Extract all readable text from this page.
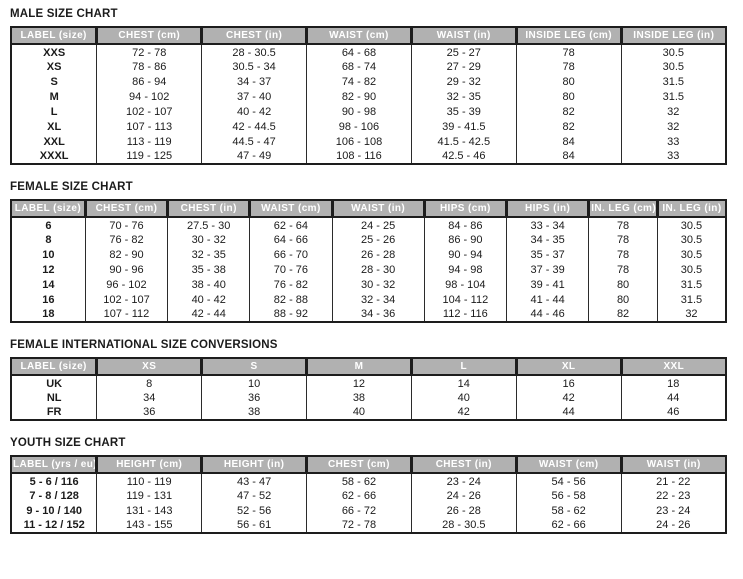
MALE SIZE CHART
LABEL (size)	CHEST (cm)	CHEST (in)	WAIST (cm)	WAIST (in)	INSIDE LEG (cm)	INSIDE LEG (in)
XXS	72 - 78	28 - 30.5	64 - 68	25 - 27	78	30.5
XS	78 - 86	30.5 - 34	68 - 74	27 - 29	78	30.5
S	86 - 94	34 - 37	74 - 82	29 - 32	80	31.5
M	94 - 102	37 - 40	82 - 90	32 - 35	80	31.5
L	102 - 107	40 - 42	90 - 98	35 - 39	82	32
XL	107 - 113	42 - 44.5	98 - 106	39 - 41.5	82	32
XXL	113 - 119	44.5 - 47	106 - 108	41.5 - 42.5	84	33
XXXL	119 - 125	47 - 49	108 - 116	42.5 - 46	84	33
FEMALE SIZE CHART
LABEL (size)	CHEST (cm)	CHEST (in)	WAIST (cm)	WAIST (in)	HIPS (cm)	HIPS (in)	IN. LEG (cm)	IN. LEG (in)
6	70 - 76	27.5 - 30	62 - 64	24 - 25	84 - 86	33 - 34	78	30.5
8	76 - 82	30 - 32	64 - 66	25 - 26	86 - 90	34 - 35	78	30.5
10	82 - 90	32 - 35	66 - 70	26 - 28	90 - 94	35 - 37	78	30.5
12	90 - 96	35 - 38	70 - 76	28 - 30	94 - 98	37 - 39	78	30.5
14	96 - 102	38 - 40	76 - 82	30 - 32	98 - 104	39 - 41	80	31.5
16	102 - 107	40 - 42	82 - 88	32 - 34	104 - 112	41 - 44	80	31.5
18	107 - 112	42 - 44	88 - 92	34 - 36	112 - 116	44 - 46	82	32
FEMALE INTERNATIONAL SIZE CONVERSIONS
LABEL (size)	XS	S	M	L	XL	XXL
UK	8	10	12	14	16	18
NL	34	36	38	40	42	44
FR	36	38	40	42	44	46
YOUTH SIZE CHART
LABEL (yrs / eu)	HEIGHT (cm)	HEIGHT (in)	CHEST (cm)	CHEST (in)	WAIST (cm)	WAIST (in)
5 - 6 / 116	110 - 119	43 - 47	58 - 62	23 - 24	54 - 56	21 - 22
7 - 8 / 128	119 - 131	47 - 52	62 - 66	24 - 26	56 - 58	22 - 23
9 - 10 / 140	131 - 143	52 - 56	66 - 72	26 - 28	58 - 62	23 - 24
11 - 12 / 152	143 - 155	56 - 61	72 - 78	28 - 30.5	62 - 66	24 - 26
